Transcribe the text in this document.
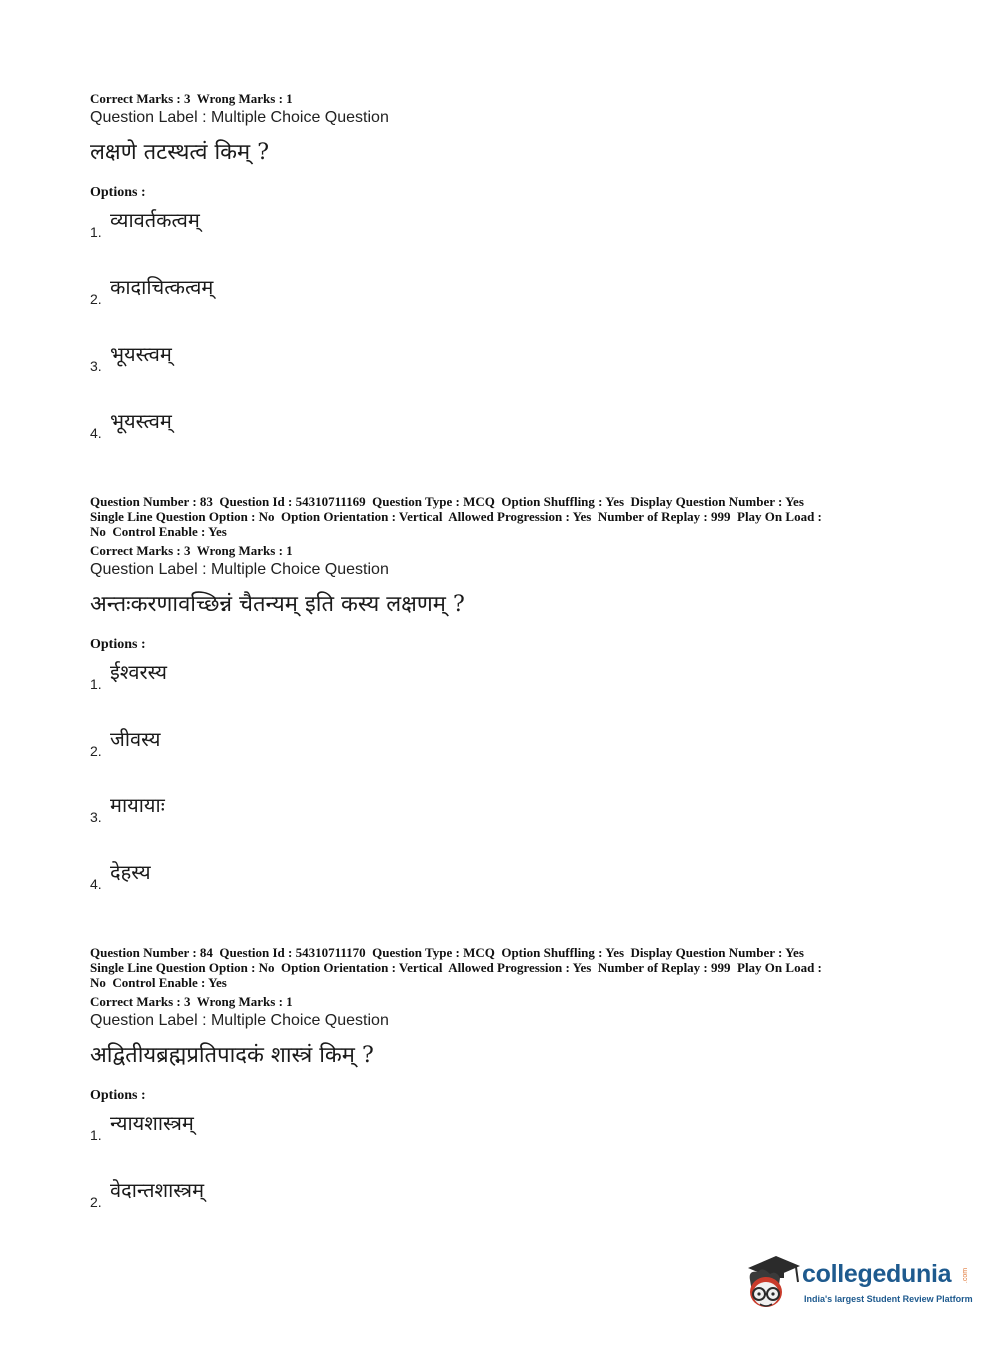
Correct Marks : 3  Wrong Marks : 1

Question Label : Multiple Choice Question

लक्षणे तटस्थत्वं किम् ?

Options :

1. व्यावर्तकत्वम्
2. कादाचित्कत्वम्
3. भूयस्त्वम्
4. भूयस्त्वम्

Question Number : 83  Question Id : 54310711169  Question Type : MCQ  Option Shuffling : Yes  Display Question Number : Yes
Single Line Question Option : No  Option Orientation : Vertical  Allowed Progression : Yes  Number of Replay : 999  Play On Load :
No  Control Enable : Yes

Correct Marks : 3  Wrong Marks : 1

Question Label : Multiple Choice Question

अन्तःकरणावच्छिन्नं चैतन्यम् इति कस्य लक्षणम् ?

Options :

1. ईश्वरस्य
2. जीवस्य
3. मायायाः
4. देहस्य

Question Number : 84  Question Id : 54310711170  Question Type : MCQ  Option Shuffling : Yes  Display Question Number : Yes
Single Line Question Option : No  Option Orientation : Vertical  Allowed Progression : Yes  Number of Replay : 999  Play On Load :
No  Control Enable : Yes

Correct Marks : 3  Wrong Marks : 1

Question Label : Multiple Choice Question

अद्वितीयब्रह्मप्रतिपादकं शास्त्रं किम् ?

Options :

1. न्यायशास्त्रम्
2. वेदान्तशास्त्रम्
collegedunia .com
India's largest Student Review Platform
